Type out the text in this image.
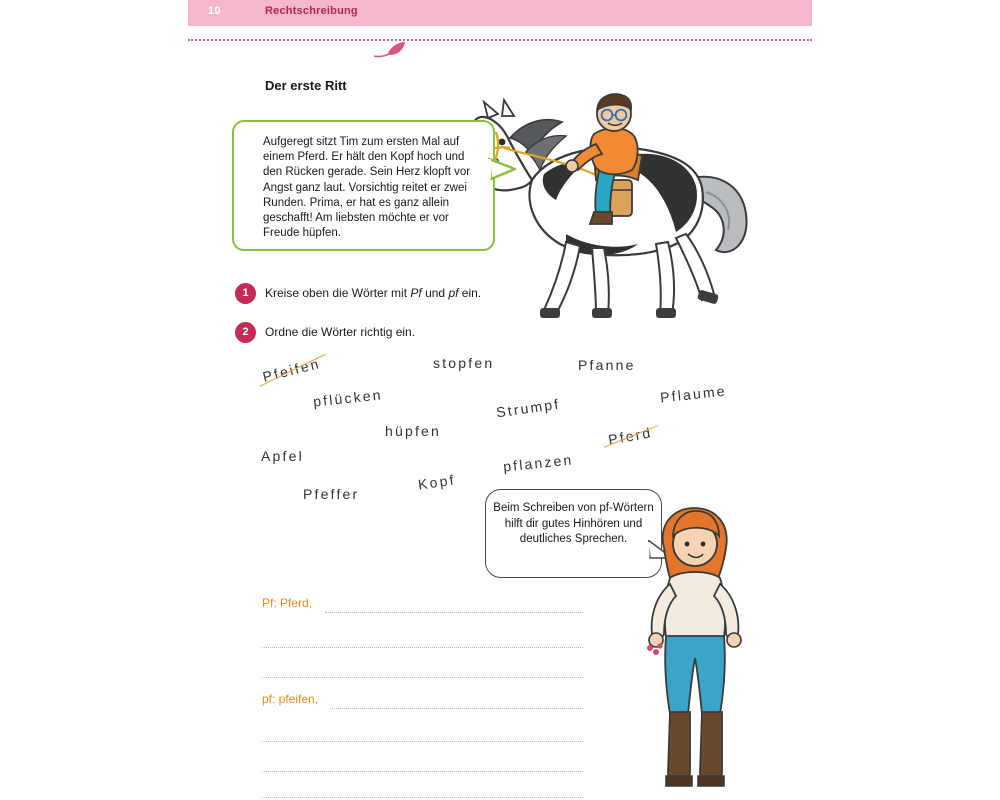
10	Rechtschreibung
Der erste Ritt
Aufgeregt sitzt Tim zum ersten Mal auf einem Pferd. Er hält den Kopf hoch und den Rücken gerade. Sein Herz klopft vor Angst ganz laut. Vorsichtig reitet er zwei Runden. Prima, er hat es ganz allein geschafft! Am liebsten möchte er vor Freude hüpfen.
1	Kreise oben die Wörter mit Pf und pf ein.
2	Ordne die Wörter richtig ein.
Pfeifen	stopfen	Pfanne
pflücken	Strumpf
Pflaume
hüpfen	Pferd
Apfel	pflanzen
Kopf
Pfeffer
Beim Schreiben von pf-Wörtern hilft dir gutes Hinhören und deutliches Sprechen.
Pf: Pferd,
pf: pfeifen,
